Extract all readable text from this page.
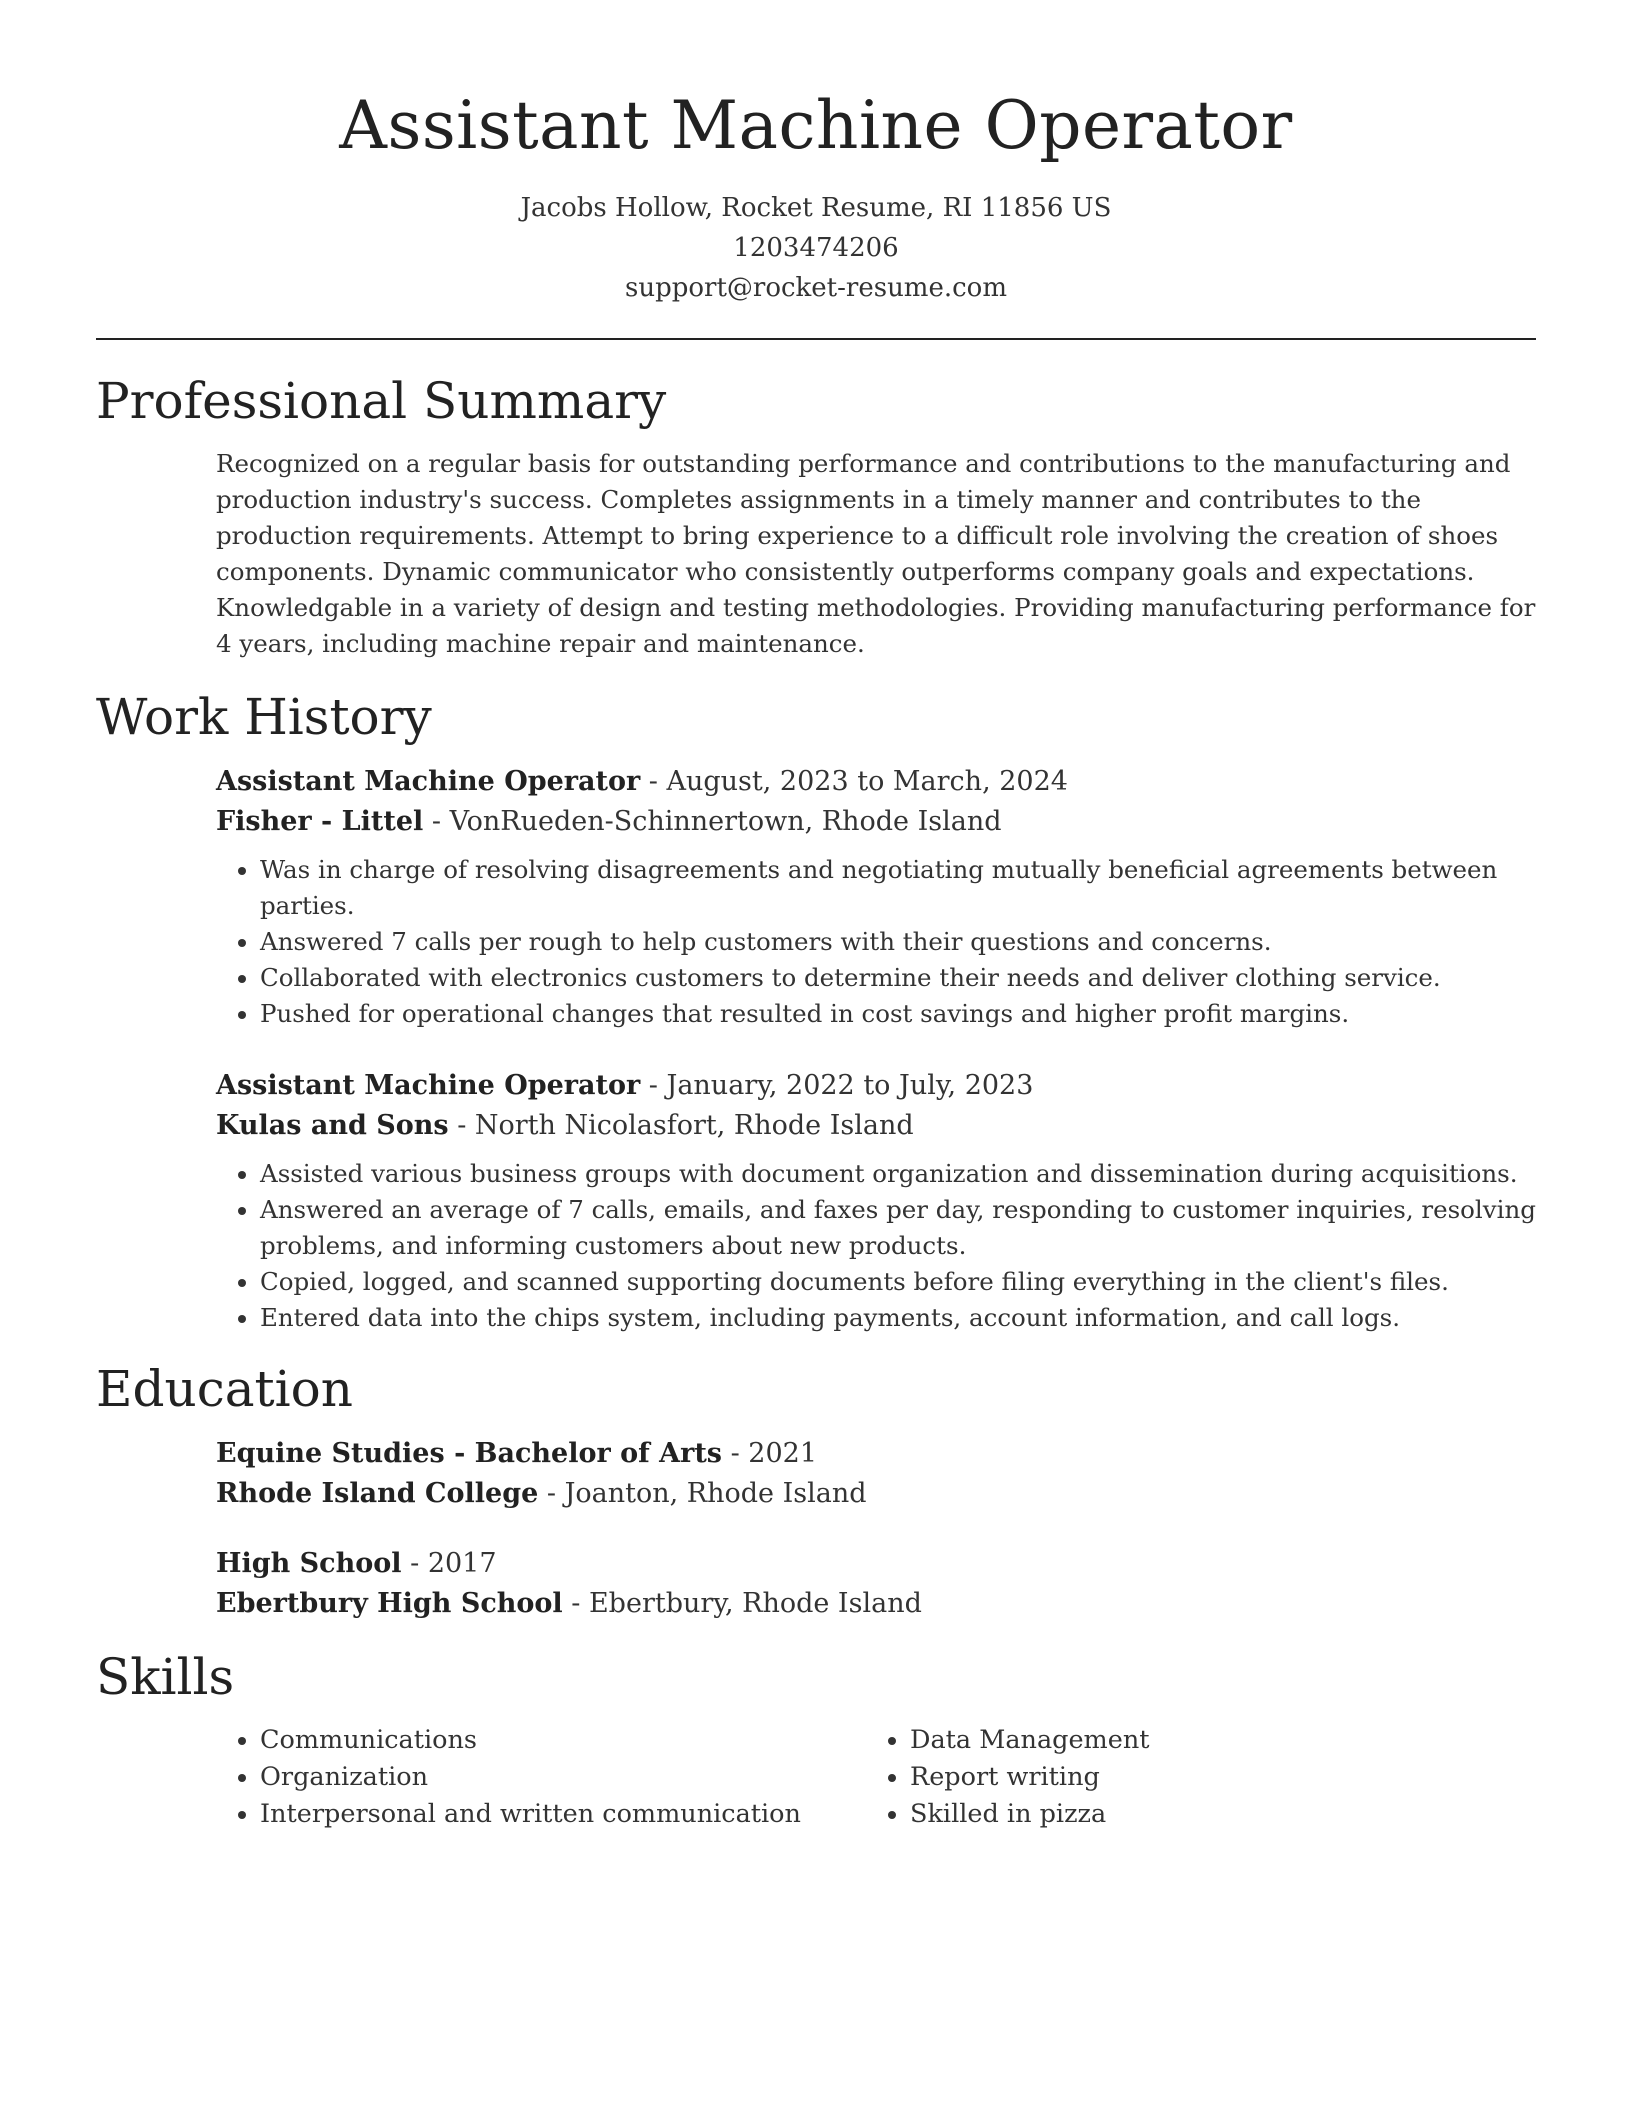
Assistant Machine Operator
Jacobs Hollow, Rocket Resume, RI 11856 US
1203474206
support@rocket-resume.com
Professional Summary

Recognized on a regular basis for outstanding performance and contributions to the manufacturing and production industry's success. Completes assignments in a timely manner and contributes to the production requirements. Attempt to bring experience to a difficult role involving the creation of shoes components. Dynamic communicator who consistently outperforms company goals and expectations. Knowledgable in a variety of design and testing methodologies. Providing manufacturing performance for 4 years, including machine repair and maintenance.

Work History
Assistant Machine Operator - August, 2023 to March, 2024
Fisher - Littel - VonRueden-Schinnertown, Rhode Island
• Was in charge of resolving disagreements and negotiating mutually beneficial agreements between parties.
• Answered 7 calls per rough to help customers with their questions and concerns.
• Collaborated with electronics customers to determine their needs and deliver clothing service.
• Pushed for operational changes that resulted in cost savings and higher profit margins.
Assistant Machine Operator - January, 2022 to July, 2023
Kulas and Sons - North Nicolasfort, Rhode Island
• Assisted various business groups with document organization and dissemination during acquisitions.
• Answered an average of 7 calls, emails, and faxes per day, responding to customer inquiries, resolving problems, and informing customers about new products.
• Copied, logged, and scanned supporting documents before filing everything in the client's files.
• Entered data into the chips system, including payments, account information, and call logs.
Education
Equine Studies - Bachelor of Arts - 2021
Rhode Island College - Joanton, Rhode Island
High School - 2017
Ebertbury High School - Ebertbury, Rhode Island
Skills
• Communications
• Organization
• Interpersonal and written communication
• Data Management
• Report writing
• Skilled in pizza
